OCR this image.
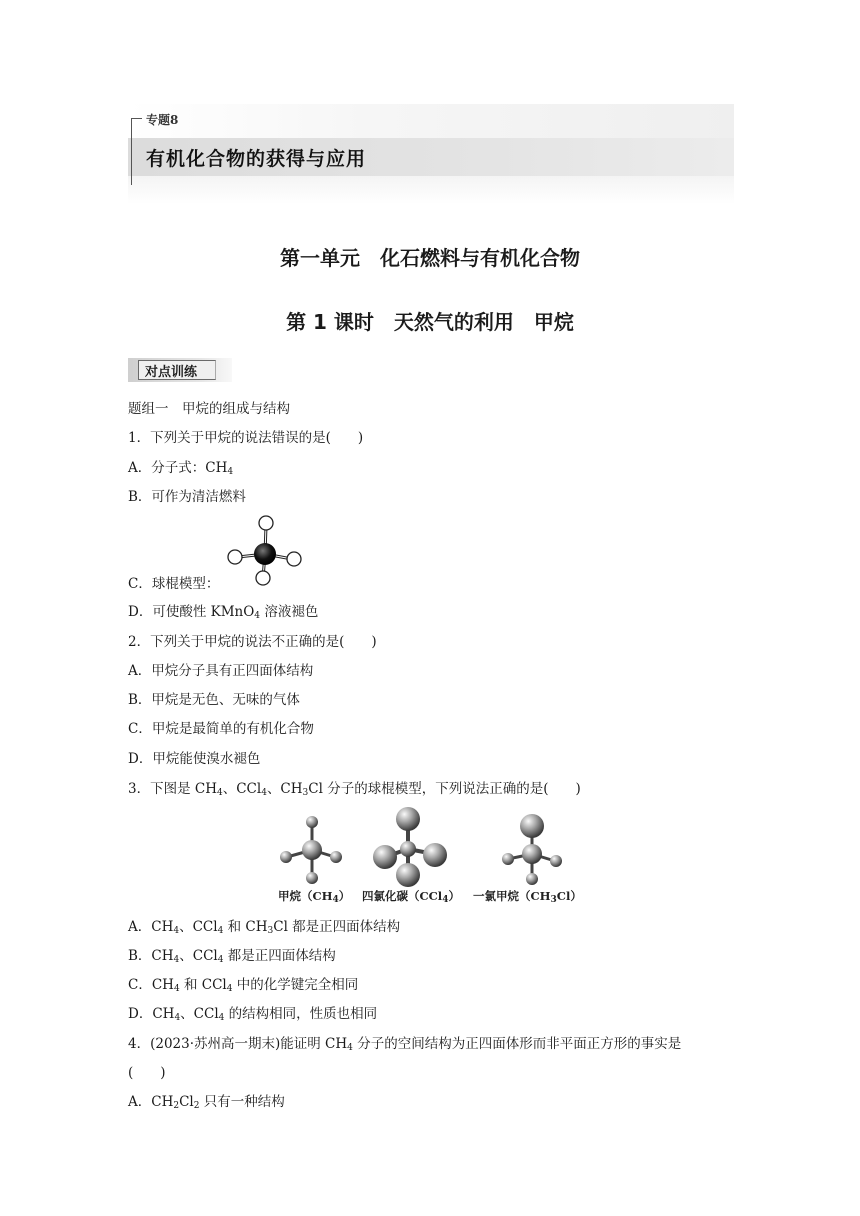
专题8
有机化合物的获得与应用
第一单元　化石燃料与有机化合物
第 1 课时　天然气的利用　甲烷
对点训练
题组一　甲烷的组成与结构
1．下列关于甲烷的说法错误的是(　　)
A．分子式：$CH_4$
B．可作为清洁燃料
C．球棍模型：
D．可使酸性 KMnO$_4$ 溶液褪色
2．下列关于甲烷的说法不正确的是(　　)
A．甲烷分子具有正四面体结构
B．甲烷是无色、无味的气体
C．甲烷是最简单的有机化合物
D．甲烷能使溴水褪色
3．下图是 $CH_4$、CCl$_4$、$CH_3Cl$ 分子的球棍模型，下列说法正确的是(　　)
甲烷$(CH_4)$ 四氯化碳（CCl$_4$） 一氯甲烷$(CH_3Cl)$
A．$CH_4$、CCl$_4$ 和 $CH_3Cl$ 都是正四面体结构
B．$CH_4$、CCl$_4$ 都是正四面体结构
C．$CH_4$ 和 CCl$_4$ 中的化学键完全相同
D．$CH_4$、CCl$_4$ 的结构相同，性质也相同
4．(2023·苏州高一期末)能证明 $CH_4$ 分子的空间结构为正四面体形而非平面正方形的事实是
(　　)
A．$CH_2Cl_2$ 只有一种结构
